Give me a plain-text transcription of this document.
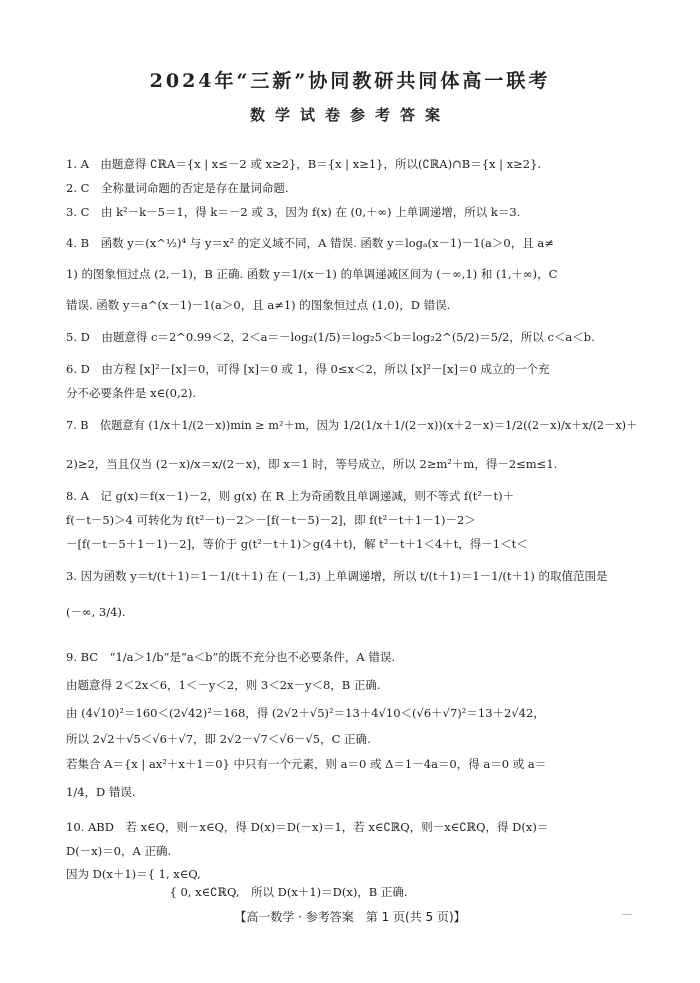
2024年“三新”协同教研共同体高一联考
数学试卷参考答案
1. A　由题意得 ∁ℝA＝{x | x≤－2 或 x≥2}，B＝{x | x≥1}，所以(∁ℝA)∩B＝{x | x≥2}.
2. C　全称量词命题的否定是存在量词命题.
3. C　由 k²－k－5＝1，得 k＝－2 或 3，因为 f(x) 在 (0,＋∞) 上单调递增，所以 k＝3.
4. B　函数 y＝(x^½)⁴ 与 y＝x² 的定义域不同，A 错误. 函数 y＝logₐ(x－1)－1(a＞0，且 a≠
1) 的图象恒过点 (2,－1)，B 正确. 函数 y＝1/(x－1) 的单调递减区间为 (－∞,1) 和 (1,＋∞)，C
错误. 函数 y＝a^(x－1)－1(a＞0，且 a≠1) 的图象恒过点 (1,0)，D 错误.
5. D　由题意得 c＝2^0.99＜2，2＜a＝－log₂(1/5)＝log₂5＜b＝log₂2^(5/2)＝5/2，所以 c＜a＜b.
6. D　由方程 [x]²－[x]＝0，可得 [x]＝0 或 1，得 0≤x＜2，所以 [x]²－[x]＝0 成立的一个充
分不必要条件是 x∈(0,2).
7. B　依题意有 (1/x＋1/(2－x))min ≥ m²＋m，因为 1/2(1/x＋1/(2－x))(x＋2－x)＝1/2((2－x)/x＋x/(2－x)＋
2)≥2，当且仅当 (2－x)/x＝x/(2－x)，即 x＝1 时，等号成立，所以 2≥m²＋m，得－2≤m≤1.
8. A　记 g(x)＝f(x－1)－2，则 g(x) 在 R 上为奇函数且单调递减，则不等式 f(t²－t)＋
f(－t－5)＞4 可转化为 f(t²－t)－2＞－[f(－t－5)－2]，即 f(t²－t＋1－1)－2＞
－[f(－t－5＋1－1)－2]，等价于 g(t²－t＋1)＞g(4＋t)，解 t²－t＋1＜4＋t，得－1＜t＜
3. 因为函数 y＝t/(t＋1)＝1－1/(t＋1) 在 (－1,3) 上单调递增，所以 t/(t＋1)＝1－1/(t＋1) 的取值范围是
(－∞, 3/4).
9. BC　“1/a＞1/b”是“a＜b”的既不充分也不必要条件，A 错误.
由题意得 2＜2x＜6，1＜－y＜2，则 3＜2x－y＜8，B 正确.
由 (4√10)²＝160＜(2√42)²＝168，得 (2√2＋√5)²＝13＋4√10＜(√6＋√7)²＝13＋2√42，
所以 2√2＋√5＜√6＋√7，即 2√2－√7＜√6－√5，C 正确.
若集合 A＝{x | ax²＋x＋1＝0} 中只有一个元素，则 a＝0 或 Δ＝1－4a＝0，得 a＝0 或 a＝
1/4，D 错误.
10. ABD　若 x∈Q，则－x∈Q，得 D(x)＝D(－x)＝1，若 x∈∁ℝQ，则－x∈∁ℝQ，得 D(x)＝
D(－x)＝0，A 正确.
因为 D(x＋1)＝{ 1, x∈Q,
　　　　　　　　　{ 0, x∈∁ℝQ,　所以 D(x＋1)＝D(x)，B 正确.
【高一数学 · 参考答案　第 1 页(共 5 页)】
